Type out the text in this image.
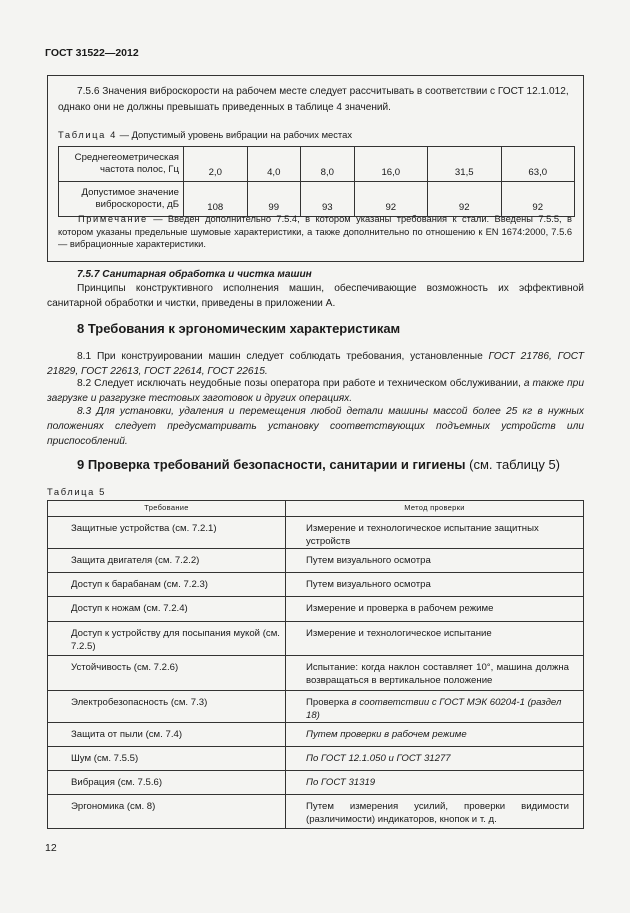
ГОСТ 31522—2012
7.5.6 Значения виброскорости на рабочем месте следует рассчитывать в соответствии с ГОСТ 12.1.012,
однако они не должны превышать приведенных в таблице 4 значений.
Таблица 4 — Допустимый уровень вибрации на рабочих местах
Среднегеометрическая
частота полос, Гц	2,0	4,0	8,0	16,0	31,5	63,0

Допустимое значение
виброскорости, дБ	108	99	93	92	92	92
Примечание — Введен дополнительно 7.5.4, в котором указаны требования к стали. Введены 7.5.5, в котором указаны предельные шумовые характеристики, а также дополнительно по отношению к EN 1674:2000, 7.5.6 — вибрационные характеристики.
7.5.7 Санитарная обработка и чистка машин
Принципы конструктивного исполнения машин, обеспечивающие возможность их эффективной санитарной обработки и чистки, приведены в приложении А.
8 Требования к эргономическим характеристикам
8.1 При конструировании машин следует соблюдать требования, установленные ГОСТ 21786, ГОСТ 21829, ГОСТ 22613, ГОСТ 22614, ГОСТ 22615.
8.2 Следует исключать неудобные позы оператора при работе и техническом обслуживании, а также при загрузке и разгрузке тестовых заготовок и других операциях.
8.3 Для установки, удаления и перемещения любой детали машины массой более 25 кг в нужных положениях следует предусматривать установку соответствующих подъемных устройств или приспособлений.
9 Проверка требований безопасности, санитарии и гигиены (см. таблицу 5)
Таблица 5
Требование	Метод проверки
Защитные устройства (см. 7.2.1)	Измерение и технологическое испытание защитных устройств
Защита двигателя (см. 7.2.2)	Путем визуального осмотра
Доступ к барабанам (см. 7.2.3)	Путем визуального осмотра
Доступ к ножам (см. 7.2.4)	Измерение и проверка в рабочем режиме
Доступ к устройству для посыпания мукой (см. 7.2.5)	Измерение и технологическое испытание
Устойчивость (см. 7.2.6)	Испытание: когда наклон составляет 10°, машина должна возвращаться в вертикальное положение
Электробезопасность (см. 7.3)	Проверка в соответствии с ГОСТ МЭК 60204-1 (раздел 18)
Защита от пыли (см. 7.4)	Путем проверки в рабочем режиме
Шум (см. 7.5.5)	По ГОСТ 12.1.050 и ГОСТ 31277
Вибрация (см. 7.5.6)	По ГОСТ 31319
Эргономика (см. 8)	Путем измерения усилий, проверки видимости (различимости) индикаторов, кнопок и т. д.
12
